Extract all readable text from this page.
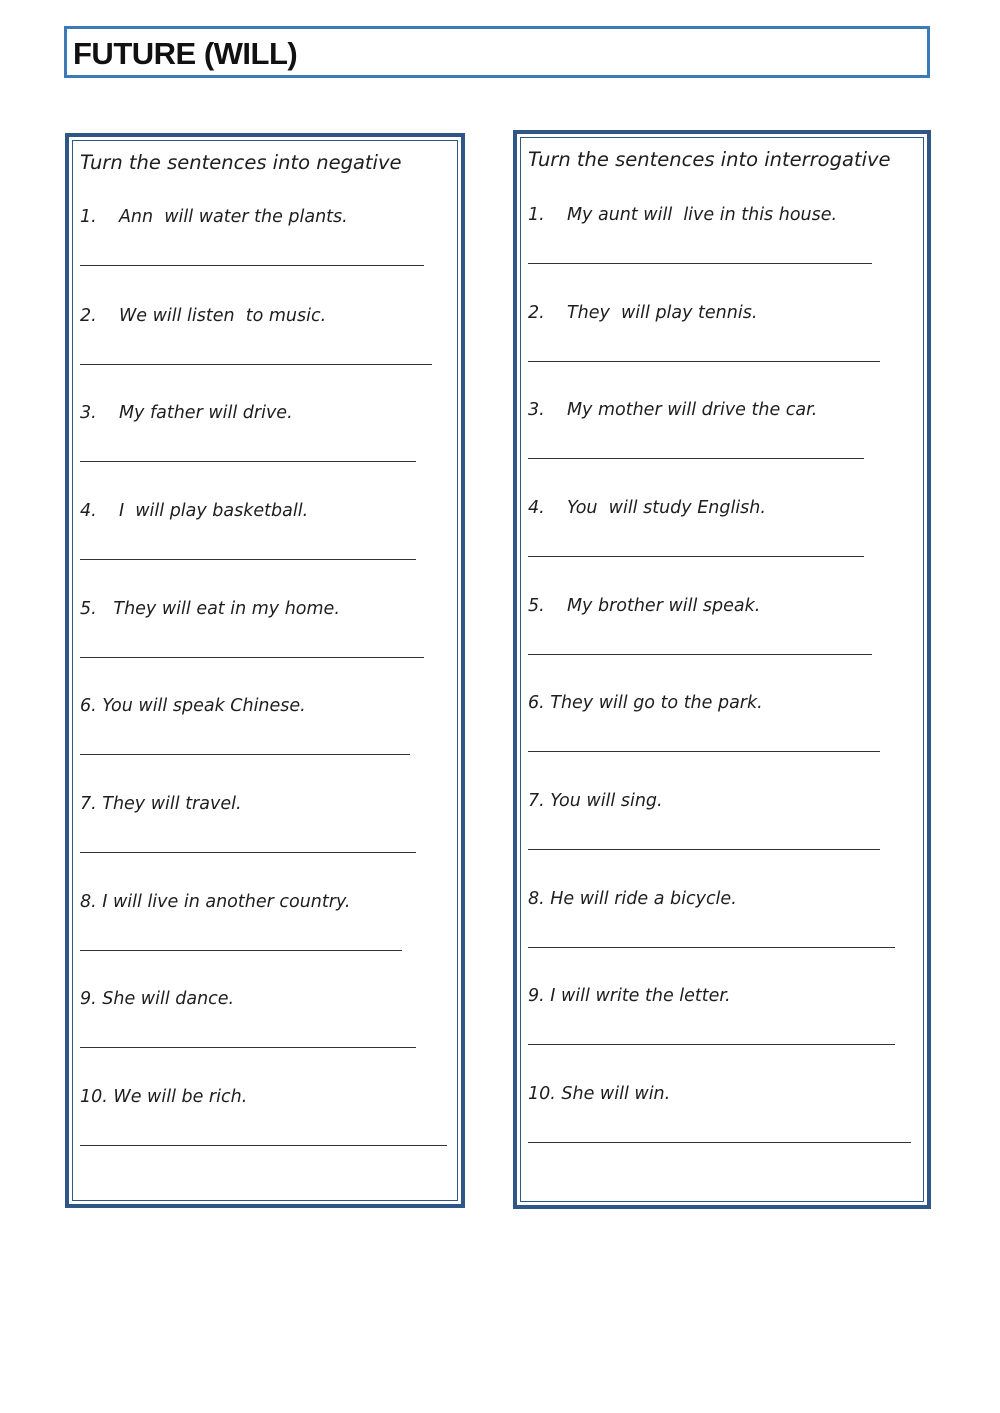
FUTURE (WILL)
Turn the sentences into negative
1.    Ann  will water the plants.
2.    We will listen  to music.
3.    My father will drive.
4.    I  will play basketball.
5.   They will eat in my home.
6. You will speak Chinese.
7. They will travel.
8. I will live in another country.
9. She will dance.
10. We will be rich.
Turn the sentences into interrogative
1.    My aunt will  live in this house.
2.    They  will play tennis.
3.    My mother will drive the car.
4.    You  will study English.
5.    My brother will speak.
6. They will go to the park.
7. You will sing.
8. He will ride a bicycle.
9. I will write the letter.
10. She will win.
